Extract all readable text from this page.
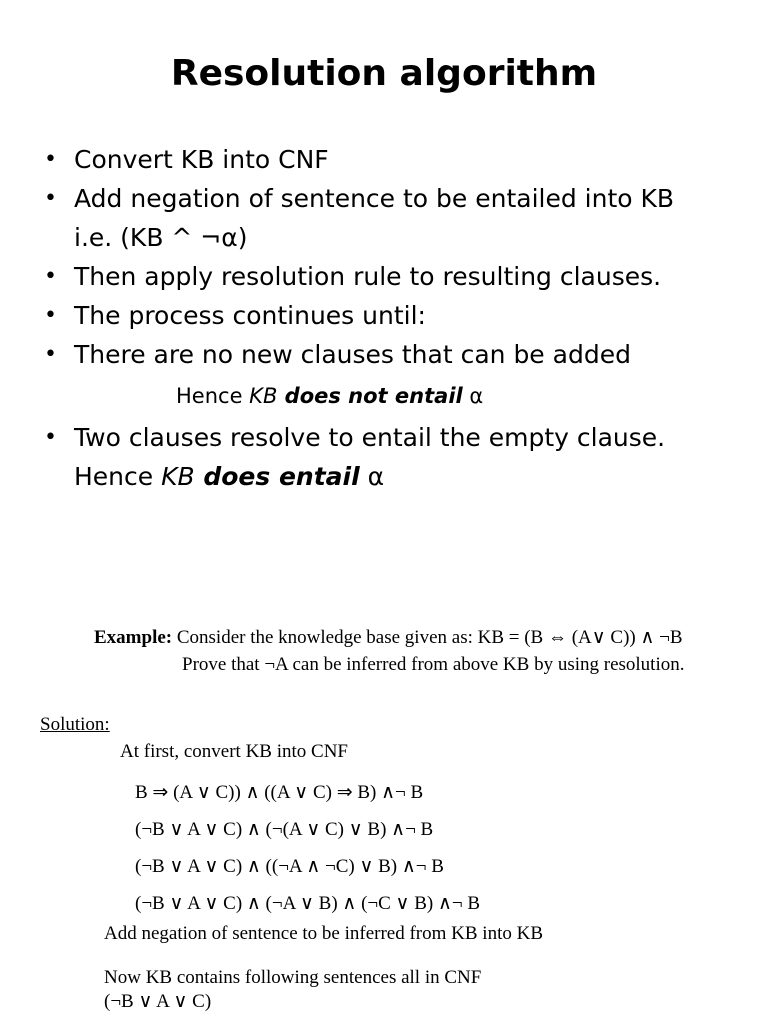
Resolution algorithm
• Convert KB into CNF
• Add negation of sentence to be entailed into KB
i.e. (KB ^ ¬α)
• Then apply resolution rule to resulting clauses.
• The process continues until:
• There are no new clauses that can be added
Hence KB does not entail α
• Two clauses resolve to entail the empty clause.
Hence KB does entail α
Example: Consider the knowledge base given as: KB = (B ⇔ (A∨ C)) ∧ ¬B
Prove that ¬A can be inferred from above KB by using resolution.
Solution:
At first, convert KB into CNF
B ⇒ (A ∨ C)) ∧ ((A ∨ C) ⇒ B) ∧¬ B
(¬B ∨ A ∨ C) ∧ (¬(A ∨ C) ∨ B) ∧¬ B
(¬B ∨ A ∨ C) ∧ ((¬A ∧ ¬C) ∨ B) ∧¬ B
(¬B ∨ A ∨ C) ∧ (¬A ∨ B) ∧ (¬C ∨ B) ∧¬ B
Add negation of sentence to be inferred from KB into KB
Now KB contains following sentences all in CNF
(¬B ∨ A ∨ C)
